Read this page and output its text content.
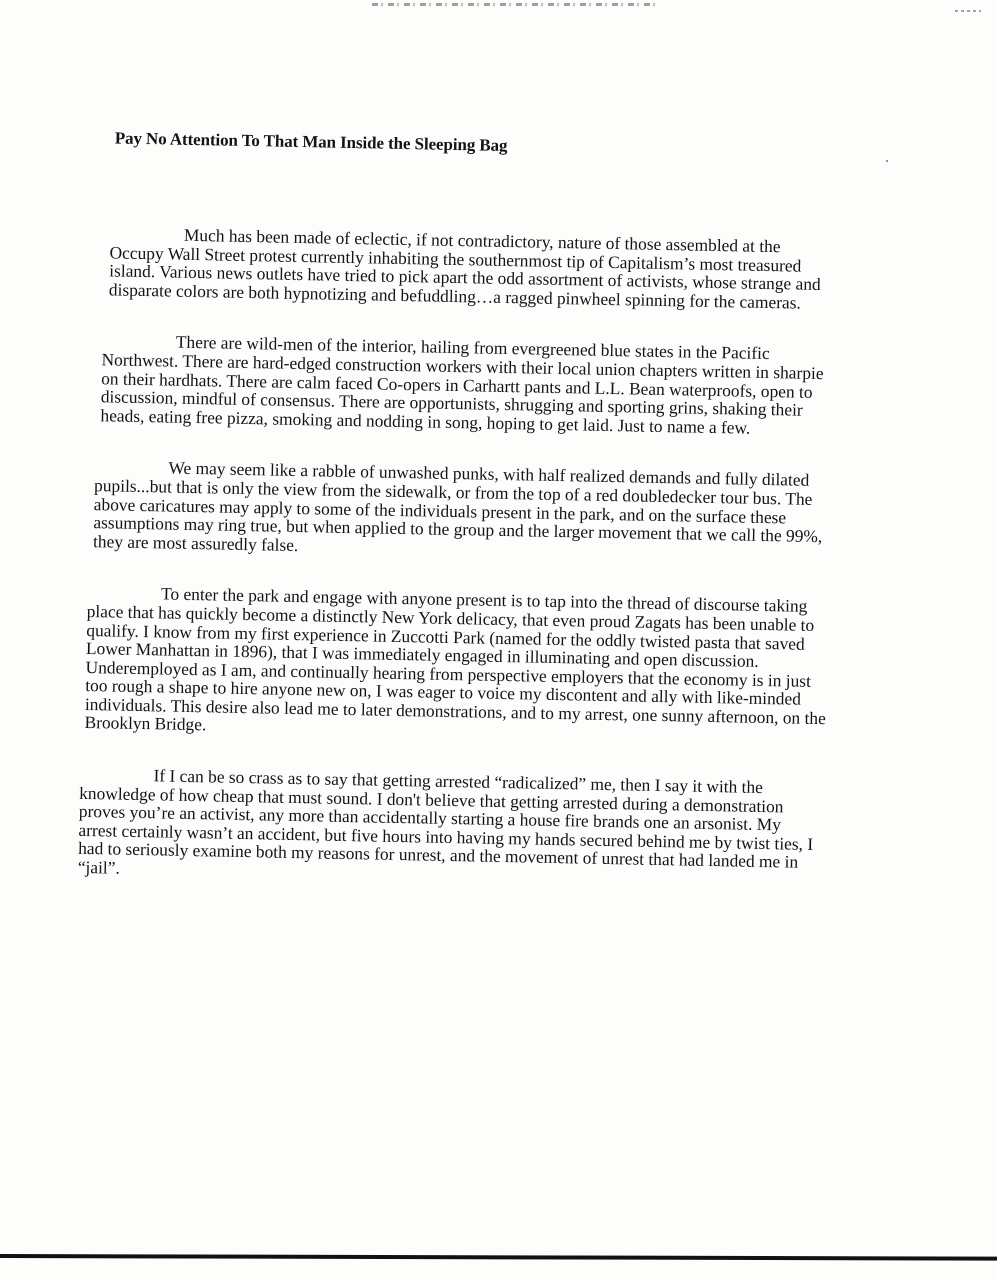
Pay No Attention To That Man Inside the Sleeping Bag

Much has been made of eclectic, if not contradictory, nature of those assembled at the Occupy Wall Street protest currently inhabiting the southernmost tip of Capitalism’s most treasured island. Various news outlets have tried to pick apart the odd assortment of activists, whose strange and disparate colors are both hypnotizing and befuddling…a ragged pinwheel spinning for the cameras.

There are wild-men of the interior, hailing from evergreened blue states in the Pacific Northwest. There are hard-edged construction workers with their local union chapters written in sharpie on their hardhats. There are calm faced Co-opers in Carhartt pants and L.L. Bean waterproofs, open to discussion, mindful of consensus. There are opportunists, shrugging and sporting grins, shaking their heads, eating free pizza, smoking and nodding in song, hoping to get laid. Just to name a few.

We may seem like a rabble of unwashed punks, with half realized demands and fully dilated pupils...but that is only the view from the sidewalk, or from the top of a red doubledecker tour bus. The above caricatures may apply to some of the individuals present in the park, and on the surface these assumptions may ring true, but when applied to the group and the larger movement that we call the 99%, they are most assuredly false.

To enter the park and engage with anyone present is to tap into the thread of discourse taking place that has quickly become a distinctly New York delicacy, that even proud Zagats has been unable to qualify. I know from my first experience in Zuccotti Park (named for the oddly twisted pasta that saved Lower Manhattan in 1896), that I was immediately engaged in illuminating and open discussion. Underemployed as I am, and continually hearing from perspective employers that the economy is in just too rough a shape to hire anyone new on, I was eager to voice my discontent and ally with like-minded individuals. This desire also lead me to later demonstrations, and to my arrest, one sunny afternoon, on the Brooklyn Bridge.

If I can be so crass as to say that getting arrested “radicalized” me, then I say it with the knowledge of how cheap that must sound. I don't believe that getting arrested during a demonstration proves you’re an activist, any more than accidentally starting a house fire brands one an arsonist. My arrest certainly wasn’t an accident, but five hours into having my hands secured behind me by twist ties, I had to seriously examine both my reasons for unrest, and the movement of unrest that had landed me in “jail”.
